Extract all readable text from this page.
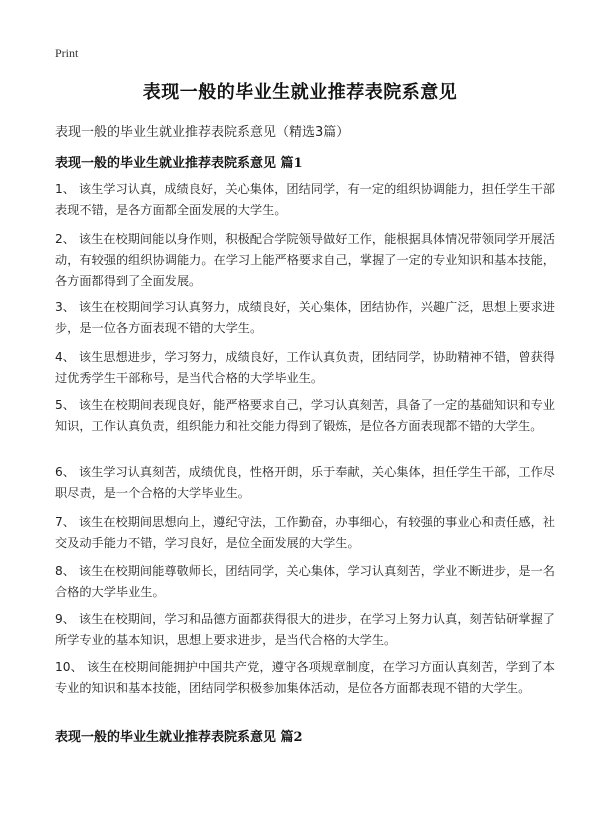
Print
表现一般的毕业生就业推荐表院系意见
表现一般的毕业生就业推荐表院系意见（精选3篇）
表现一般的毕业生就业推荐表院系意见 篇1
1、 该生学习认真，成绩良好，关心集体，团结同学，有一定的组织协调能力，担任学生干部表现不错，是各方面都全面发展的大学生。
2、 该生在校期间能以身作则，积极配合学院领导做好工作，能根据具体情况带领同学开展活动，有较强的组织协调能力。在学习上能严格要求自己，掌握了一定的专业知识和基本技能，各方面都得到了全面发展。
3、 该生在校期间学习认真努力，成绩良好，关心集体，团结协作，兴趣广泛，思想上要求进步，是一位各方面表现不错的大学生。
4、 该生思想进步，学习努力，成绩良好，工作认真负责，团结同学，协助精神不错，曾获得过优秀学生干部称号，是当代合格的大学毕业生。
5、 该生在校期间表现良好，能严格要求自己，学习认真刻苦，具备了一定的基础知识和专业知识，工作认真负责，组织能力和社交能力得到了锻炼，是位各方面表现都不错的大学生。
6、 该生学习认真刻苦，成绩优良，性格开朗，乐于奉献，关心集体，担任学生干部，工作尽职尽责，是一个合格的大学毕业生。
7、 该生在校期间思想向上，遵纪守法，工作勤奋，办事细心，有较强的事业心和责任感，社交及动手能力不错，学习良好，是位全面发展的大学生。
8、 该生在校期间能尊敬师长，团结同学，关心集体，学习认真刻苦，学业不断进步，是一名合格的大学毕业生。
9、 该生在校期间，学习和品德方面都获得很大的进步，在学习上努力认真，刻苦钻研掌握了所学专业的基本知识，思想上要求进步，是当代合格的大学生。
10、 该生在校期间能拥护中国共产党，遵守各项规章制度，在学习方面认真刻苦，学到了本专业的知识和基本技能，团结同学积极参加集体活动，是位各方面都表现不错的大学生。
表现一般的毕业生就业推荐表院系意见 篇2
